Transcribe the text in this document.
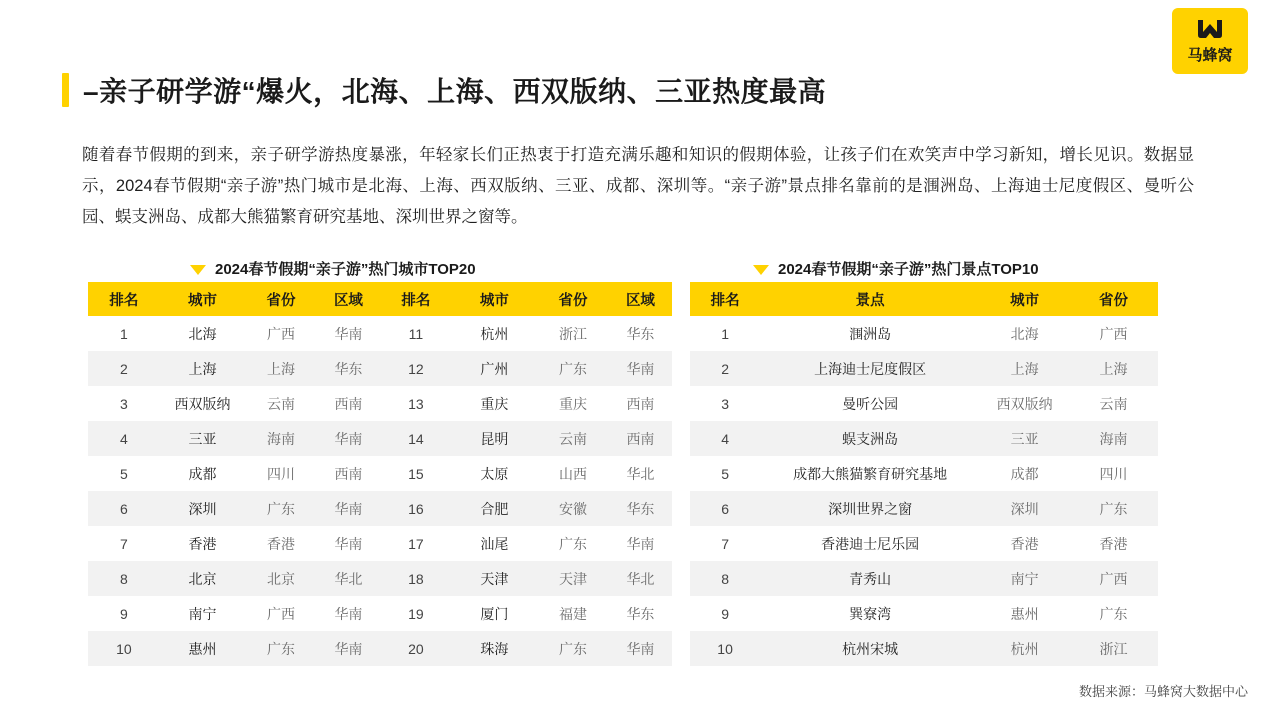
马蜂窝
–亲子研学游“爆火，北海、上海、西双版纳、三亚热度最高
随着春节假期的到来，亲子研学游热度暴涨，年轻家长们正热衷于打造充满乐趣和知识的假期体验，让孩子们在欢笑声中学习新知，增长见识。数据显示，2024春节假期“亲子游”热门城市是北海、上海、西双版纳、三亚、成都、深圳等。“亲子游”景点排名靠前的是涠洲岛、上海迪士尼度假区、曼听公园、蜈支洲岛、成都大熊猫繁育研究基地、深圳世界之窗等。
2024春节假期“亲子游”热门城市TOP20	2024春节假期“亲子游”热门景点TOP10
排名	城市	省份	区域	排名	城市	省份	区域
1	北海	广西	华南	11	杭州	浙江	华东
2	上海	上海	华东	12	广州	广东	华南
3	西双版纳	云南	西南	13	重庆	重庆	西南
4	三亚	海南	华南	14	昆明	云南	西南
5	成都	四川	西南	15	太原	山西	华北
6	深圳	广东	华南	16	合肥	安徽	华东
7	香港	香港	华南	17	汕尾	广东	华南
8	北京	北京	华北	18	天津	天津	华北
9	南宁	广西	华南	19	厦门	福建	华东
10	惠州	广东	华南	20	珠海	广东	华南
排名	景点	城市	省份
1	涠洲岛	北海	广西
2	上海迪士尼度假区	上海	上海
3	曼听公园	西双版纳	云南
4	蜈支洲岛	三亚	海南
5	成都大熊猫繁育研究基地	成都	四川
6	深圳世界之窗	深圳	广东
7	香港迪士尼乐园	香港	香港
8	青秀山	南宁	广西
9	巽寮湾	惠州	广东
10	杭州宋城	杭州	浙江
数据来源：马蜂窝大数据中心
